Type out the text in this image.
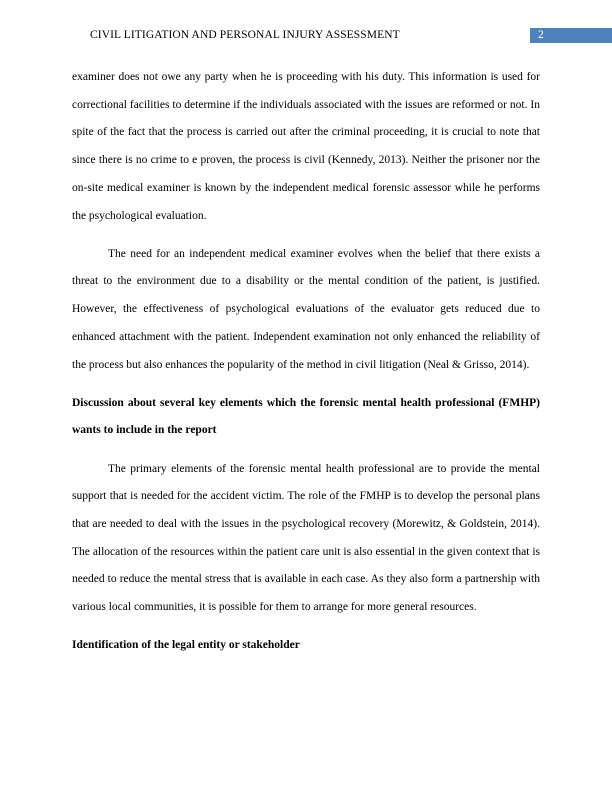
CIVIL LITIGATION AND PERSONAL INJURY ASSESSMENT	2

examiner does not owe any party when he is proceeding with his duty. This information is used for correctional facilities to determine if the individuals associated with the issues are reformed or not. In spite of the fact that the process is carried out after the criminal proceeding, it is crucial to note that since there is no crime to e proven, the process is civil (Kennedy, 2013). Neither the prisoner nor the on-site medical examiner is known by the independent medical forensic assessor while he performs the psychological evaluation.

The need for an independent medical examiner evolves when the belief that there exists a threat to the environment due to a disability or the mental condition of the patient, is justified. However, the effectiveness of psychological evaluations of the evaluator gets reduced due to enhanced attachment with the patient. Independent examination not only enhanced the reliability of the process but also enhances the popularity of the method in civil litigation (Neal & Grisso, 2014).

Discussion about several key elements which the forensic mental health professional (FMHP) wants to include in the report

The primary elements of the forensic mental health professional are to provide the mental support that is needed for the accident victim. The role of the FMHP is to develop the personal plans that are needed to deal with the issues in the psychological recovery (Morewitz, & Goldstein, 2014). The allocation of the resources within the patient care unit is also essential in the given context that is needed to reduce the mental stress that is available in each case. As they also form a partnership with various local communities, it is possible for them to arrange for more general resources.

Identification of the legal entity or stakeholder
